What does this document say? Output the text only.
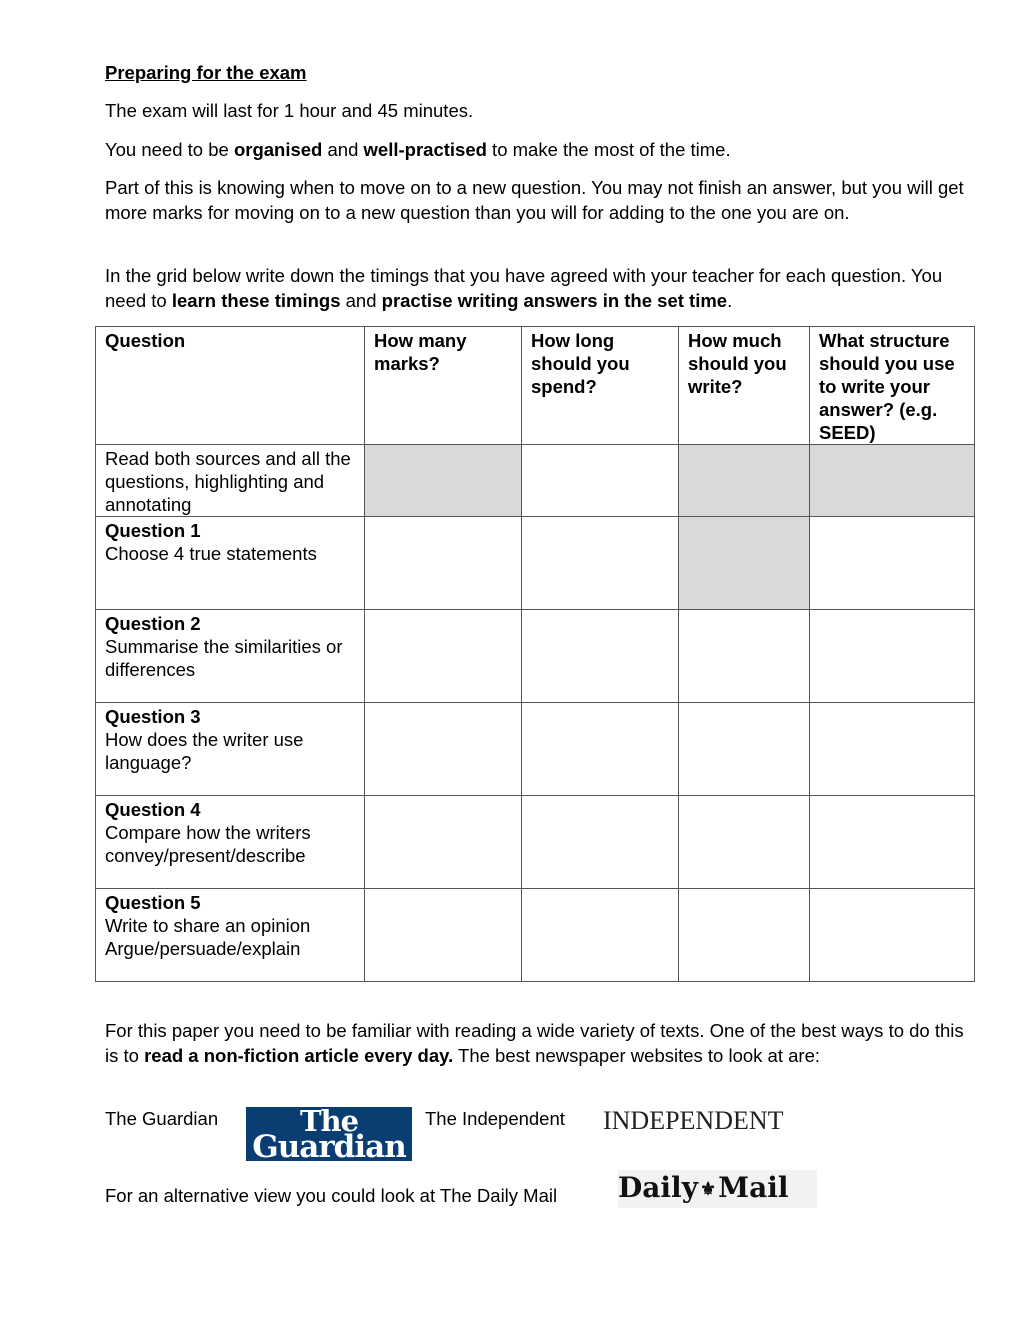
Preparing for the exam

The exam will last for 1 hour and 45 minutes.

You need to be organised and well-practised to make the most of the time.

Part of this is knowing when to move on to a new question. You may not finish an answer, but you will get more marks for moving on to a new question than you will for adding to the one you are on.

In the grid below write down the timings that you have agreed with your teacher for each question. You need to learn these timings and practise writing answers in the set time.

Question	How many marks?	How long should you spend?	How much should you write?	What structure should you use to write your answer? (e.g. SEED)
Read both sources and all the questions, highlighting and annotating				

Question 1
Choose 4 true statements				

Question 2
Summarise the similarities or differences				

Question 3
How does the writer use language?				

Question 4
Compare how the writers convey/present/describe				

Question 5
Write to share an opinion Argue/persuade/explain				

For this paper you need to be familiar with reading a wide variety of texts. One of the best ways to do this is to read a non-fiction article every day. The best newspaper websites to look at are:

The Guardian	The
Guardian

The Independent	INDEPENDENT

For an alternative view you could look at The Daily Mail	Daily ⚜Mail
